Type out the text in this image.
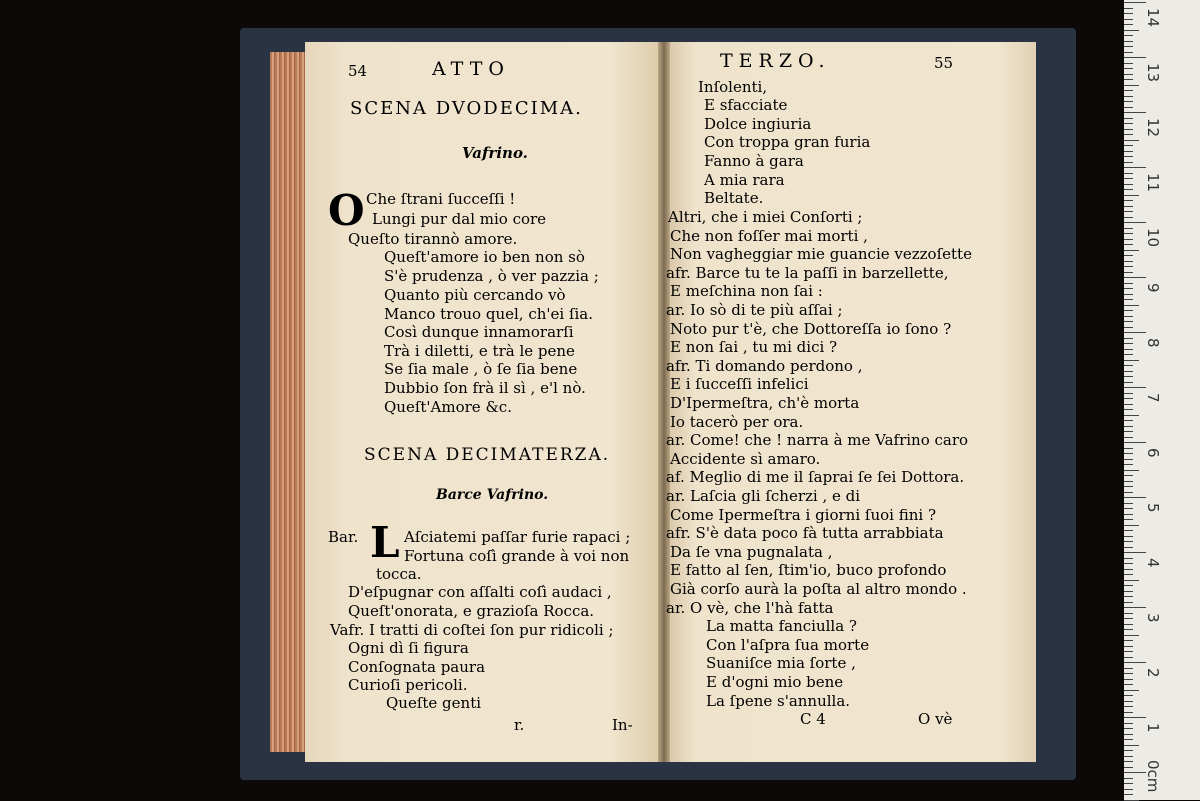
54	ATTO
SCENA DVODECIMA.
Vafrino.
O Che ſtrani ſucceſſi !
Lungi pur dal mio core
Queſto tirannò amore.
Queſt'amore io ben non sò
S'è prudenza , ò ver pazzia ;
Quanto più cercando vò
Manco trouo quel, ch'ei ſia.
Così dunque innamorarſi
Trà i diletti, e trà le pene
Se ſia male , ò ſe ſia bene
Dubbio ſon frà il sì , e'l nò.
Queſt'Amore &c.
SCENA DECIMATERZA.
Barce Vafrino.
L
Bar.	Aſciatemi paſſar furie rapaci ;
Fortuna coſì grande à voi non
tocca.
D'eſpugnar con aſſalti coſì audaci ,
Queſt'onorata, e grazioſa Rocca.
Vafr. I tratti di coſtei ſon pur ridicoli ;
Ogni dì ſi figura
Conſognata paura
Curioſi pericoli.
Queſte genti
r.	In-
TERZO.	55
Inſolenti,
E sfacciate
Dolce ingiuria
Con troppa gran furia
Fanno à gara
A mia rara
Beltate.
Altri, che i miei Conſorti ;
Che non foſſer mai morti ,
Non vagheggiar mie guancie vezzoſette
afr. Barce tu te la paſſi in barzellette,
E meſchina non ſai :
ar. Io sò di te più aſſai ;
Noto pur t'è, che Dottoreſſa io ſono ?
E non ſai , tu mi dici ?
afr. Ti domando perdono ,
E i ſucceſſi infelici
D'Ipermeſtra, ch'è morta
Io tacerò per ora.
ar. Come! che ! narra à me Vafrino caro
Accidente sì amaro.
af. Meglio di me il ſaprai ſe ſei Dottora.
ar. Laſcia gli ſcherzi , e di
Come Ipermeſtra i giorni ſuoi fini ?
afr. S'è data poco fà tutta arrabbiata
Da ſe vna pugnalata ,
E fatto al ſen, ſtim'io, buco profondo
Già corſo aurà la poſta al altro mondo .
ar. O vè, che l'hà fatta
La matta fanciulla ?
Con l'aſpra ſua morte
Suaniſce mia ſorte ,
E d'ogni mio bene
La ſpene s'annulla.
C 4	O vè
14
13
12
11
10
9
8
7
6
5
4
3
2
1
0cm
